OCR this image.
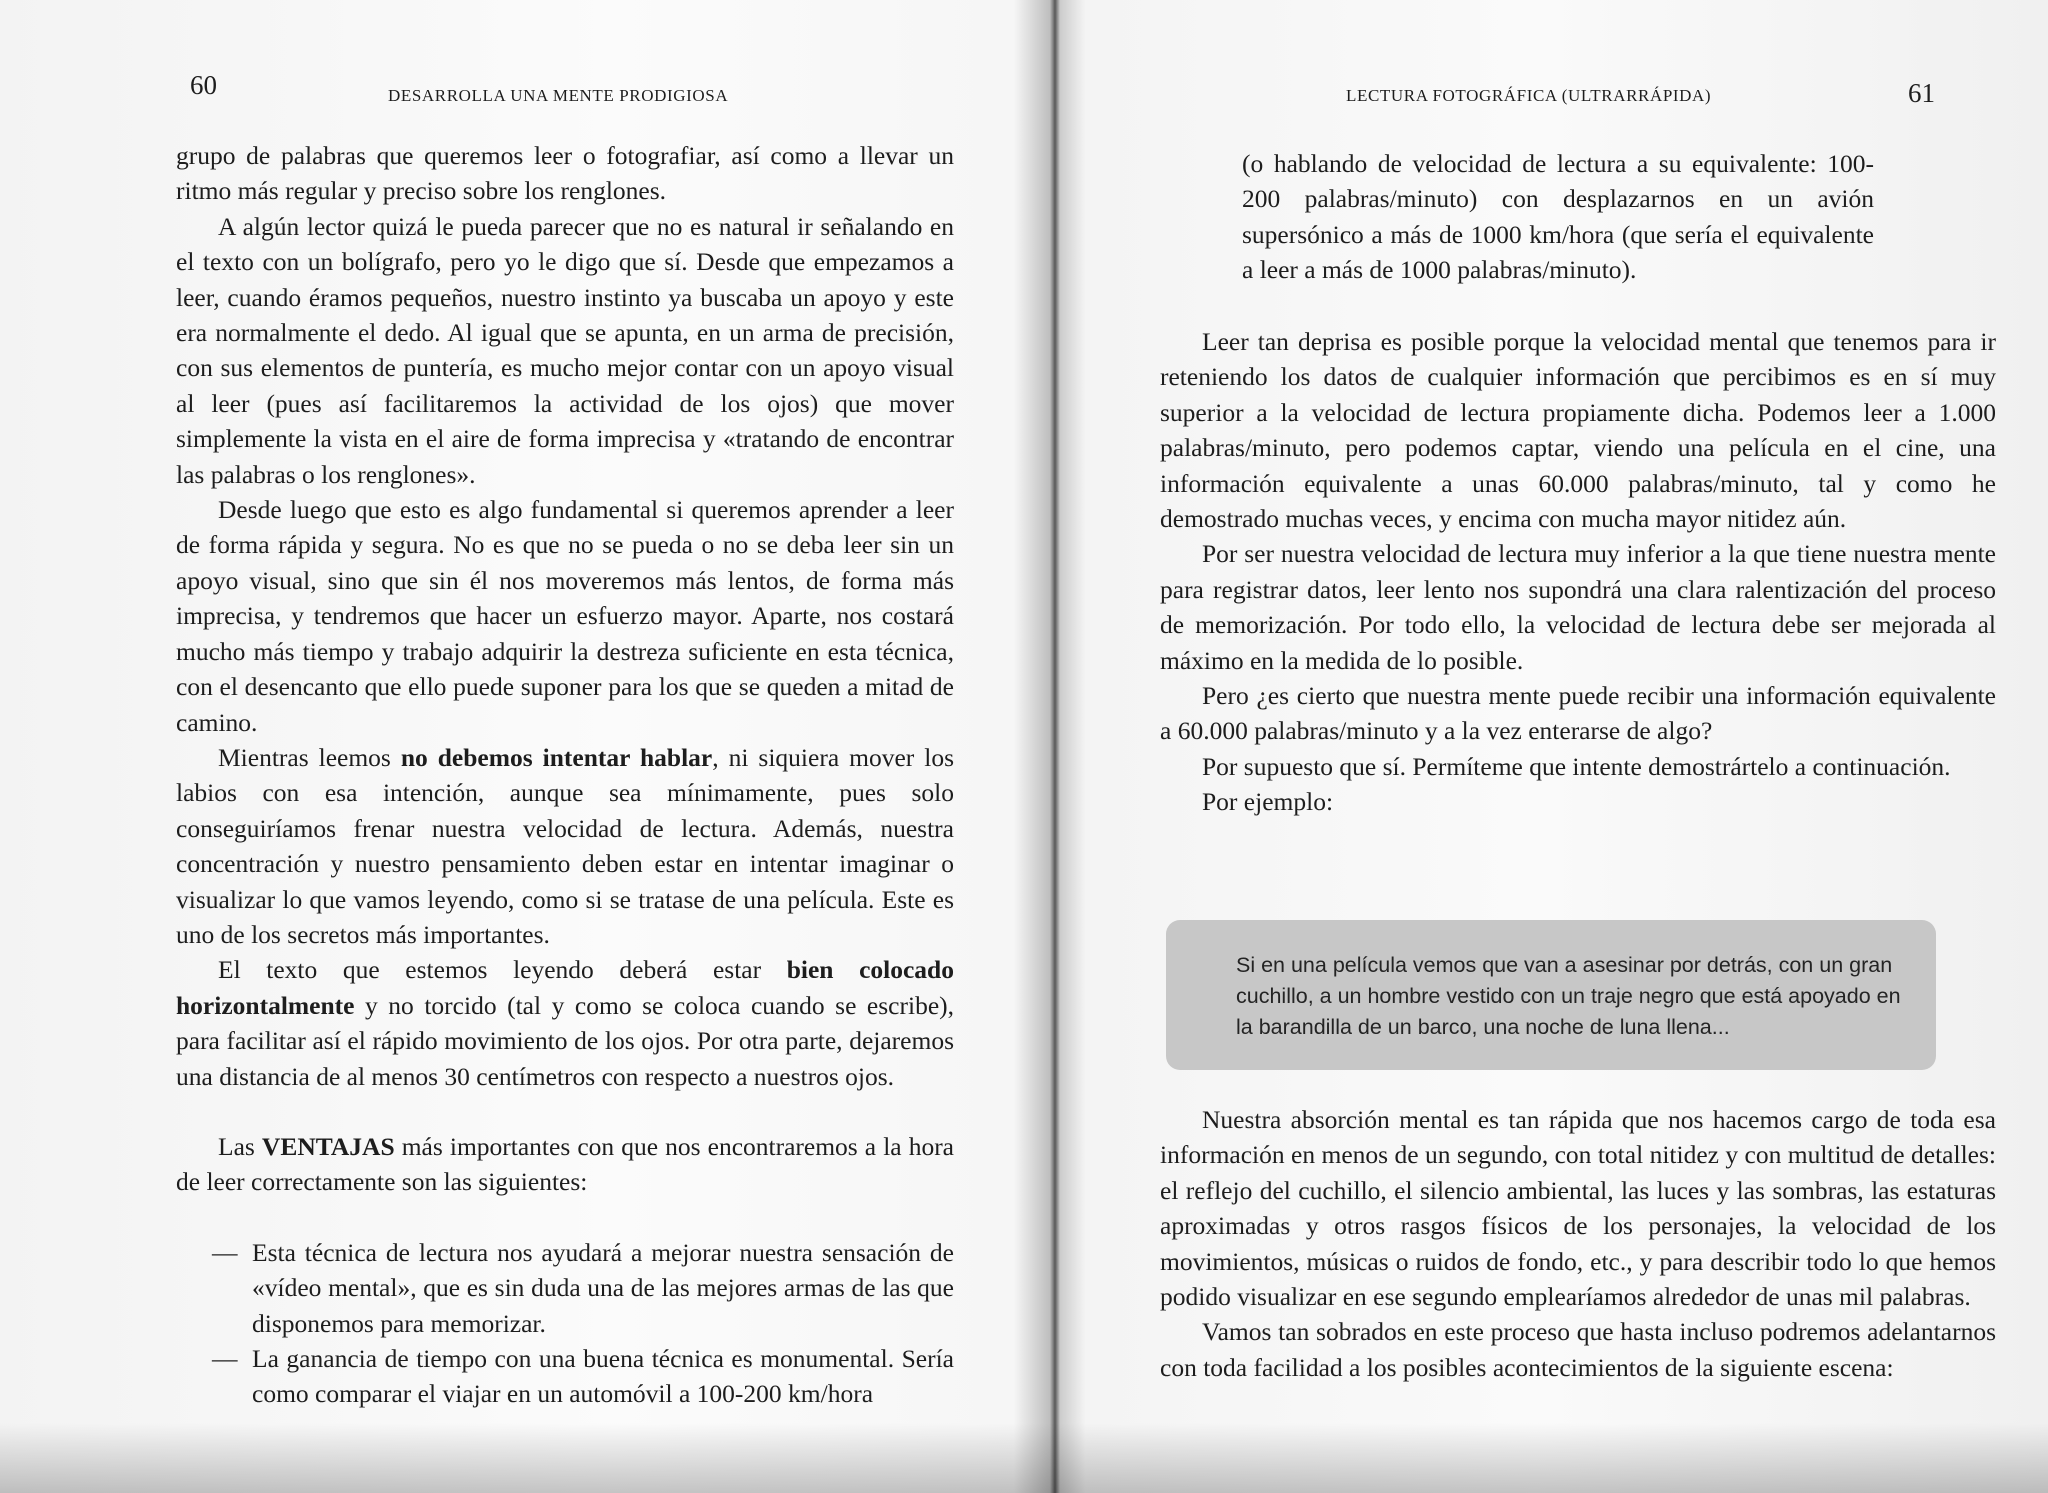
60	DESARROLLA UNA MENTE PRODIGIOSA

grupo de palabras que queremos leer o fotografiar, así como a llevar un ritmo más regular y preciso sobre los renglones.

A algún lector quizá le pueda parecer que no es natural ir señalando en el texto con un bolígrafo, pero yo le digo que sí. Desde que empezamos a leer, cuando éramos pequeños, nuestro instinto ya buscaba un apoyo y este era normalmente el dedo. Al igual que se apunta, en un arma de precisión, con sus elementos de puntería, es mucho mejor contar con un apoyo visual al leer (pues así facilitaremos la actividad de los ojos) que mover simplemente la vista en el aire de forma imprecisa y «tratando de encontrar las palabras o los renglones».

Desde luego que esto es algo fundamental si queremos aprender a leer de forma rápida y segura. No es que no se pueda o no se deba leer sin un apoyo visual, sino que sin él nos moveremos más lentos, de forma más imprecisa, y tendremos que hacer un esfuerzo mayor. Aparte, nos costará mucho más tiempo y trabajo adquirir la destreza suficiente en esta técnica, con el desencanto que ello puede suponer para los que se queden a mitad de camino.

Mientras leemos no debemos intentar hablar, ni siquiera mover los labios con esa intención, aunque sea mínimamente, pues solo conseguiríamos frenar nuestra velocidad de lectura. Además, nuestra concentración y nuestro pensamiento deben estar en intentar imaginar o visualizar lo que vamos leyendo, como si se tratase de una película. Este es uno de los secretos más importantes.

El texto que estemos leyendo deberá estar bien colocado horizontalmente y no torcido (tal y como se coloca cuando se escribe), para facilitar así el rápido movimiento de los ojos. Por otra parte, dejaremos una distancia de al menos 30 centímetros con respecto a nuestros ojos.

Las VENTAJAS más importantes con que nos encontraremos a la hora de leer correctamente son las siguientes:

— Esta técnica de lectura nos ayudará a mejorar nuestra sensación de «vídeo mental», que es sin duda una de las mejores armas de las que disponemos para memorizar.
— La ganancia de tiempo con una buena técnica es monumental. Sería como comparar el viajar en un automóvil a 100-200 km/hora
LECTURA FOTOGRÁFICA (ULTRARRÁPIDA)	61
(o hablando de velocidad de lectura a su equivalente: 100-200 palabras/minuto) con desplazarnos en un avión supersónico a más de 1000 km/hora (que sería el equivalente a leer a más de 1000 palabras/minuto).

Leer tan deprisa es posible porque la velocidad mental que tenemos para ir reteniendo los datos de cualquier información que percibimos es en sí muy superior a la velocidad de lectura propiamente dicha. Podemos leer a 1.000 palabras/minuto, pero podemos captar, viendo una película en el cine, una información equivalente a unas 60.000 palabras/minuto, tal y como he demostrado muchas veces, y encima con mucha mayor nitidez aún.

Por ser nuestra velocidad de lectura muy inferior a la que tiene nuestra mente para registrar datos, leer lento nos supondrá una clara ralentización del proceso de memorización. Por todo ello, la velocidad de lectura debe ser mejorada al máximo en la medida de lo posible.

Pero ¿es cierto que nuestra mente puede recibir una información equivalente a 60.000 palabras/minuto y a la vez enterarse de algo?

Por supuesto que sí. Permíteme que intente demostrártelo a continuación.

Por ejemplo:

Si en una película vemos que van a asesinar por detrás, con un gran cuchillo, a un hombre vestido con un traje negro que está apoyado en la barandilla de un barco, una noche de luna llena...

Nuestra absorción mental es tan rápida que nos hacemos cargo de toda esa información en menos de un segundo, con total nitidez y con multitud de detalles: el reflejo del cuchillo, el silencio ambiental, las luces y las sombras, las estaturas aproximadas y otros rasgos físicos de los personajes, la velocidad de los movimientos, músicas o ruidos de fondo, etc., y para describir todo lo que hemos podido visualizar en ese segundo emplearíamos alrededor de unas mil palabras.

Vamos tan sobrados en este proceso que hasta incluso podremos adelantarnos con toda facilidad a los posibles acontecimientos de la siguiente escena:
